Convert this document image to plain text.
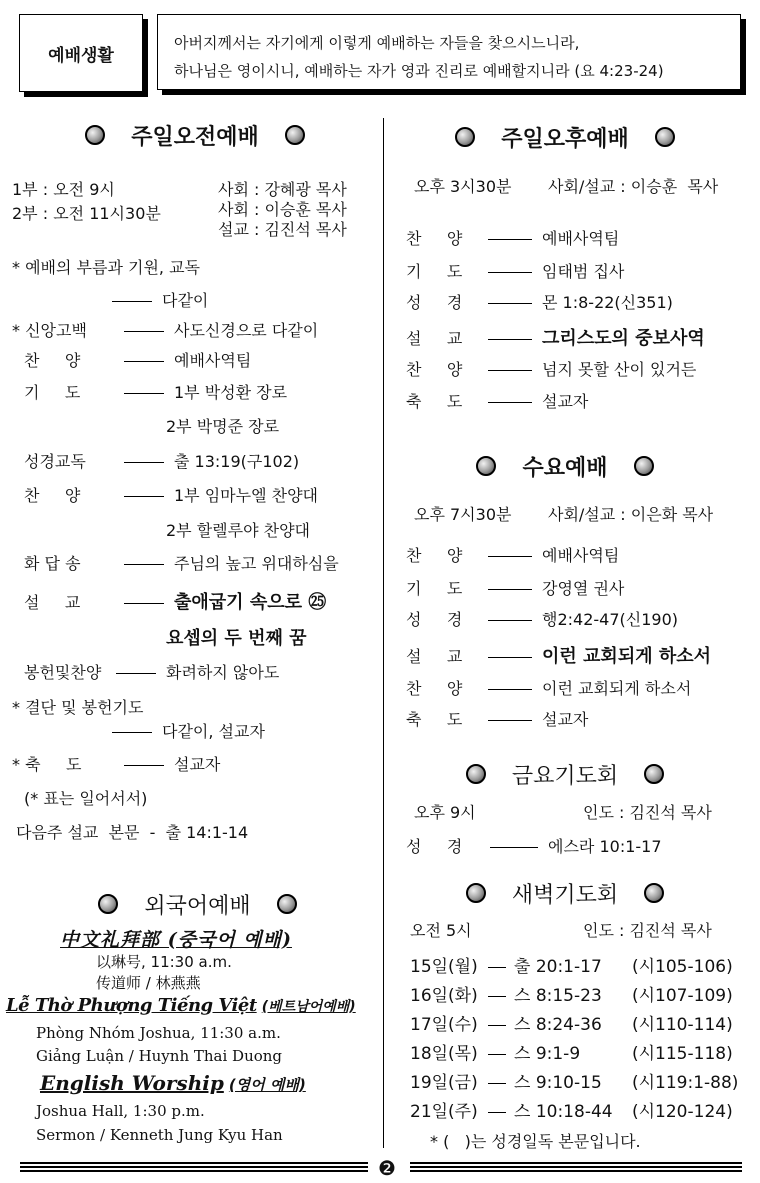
예배생활
아버지께서는 자기에게 이렇게 예배하는 자들을 찾으시느니라,
하나님은 영이시니, 예배하는 자가 영과 진리로 예배할지니라 (요 4:23-24)
주일오전예배
1부 : 오전 9시
2부 : 오전 11시30분
사회 : 강혜광 목사
사회 : 이승훈 목사
설교 : 김진석 목사
* 예배의 부름과 기원, 교독
다같이
* 신앙고백	사도신경으로 다같이
찬     양	예배사역팀
기     도	1부 박성환 장로
2부 박명준 장로
성경교독	출 13:19(구102)
찬     양	1부 임마누엘 찬양대
2부 할렐루야 찬양대
화 답 송	주님의 높고 위대하심을
설     교	출애굽기 속으로 ㉕
요셉의 두 번째 꿈
봉헌및찬양	화려하지 않아도
* 결단 및 봉헌기도
다같이, 설교자
* 축     도	설교자
(* 표는 일어서서)
다음주 설교  본문  -  출 14:1-14
외국어예배
中文礼拜部 (중국어 예배)
以琳号, 11:30 a.m.
传道师 / 林燕燕
Lễ Thờ Phượng Tiếng Việt (베트남어예배)
Phòng Nhóm Joshua, 11:30 a.m.
Giảng Luận / Huynh Thai Duong
English Worship (영어 예배)
Joshua Hall, 1:30 p.m.
Sermon / Kenneth Jung Kyu Han
주일오후예배
오후 3시30분 사회/설교 : 이승훈  목사
찬     양	예배사역팀
기     도	임태범 집사
성     경	몬 1:8-22(신351)
설     교	그리스도의 중보사역
찬     양	넘지 못할 산이 있거든
축     도	설교자
수요예배
오후 7시30분 사회/설교 : 이은화 목사
찬     양	예배사역팀
기     도	강영열 권사
성     경	행2:42-47(신190)
설     교	이런 교회되게 하소서
찬     양	이런 교회되게 하소서
축     도	설교자
금요기도회
오후 9시	인도 : 김진석 목사
성     경	에스라 10:1-17
새벽기도회
오전 5시	인도 : 김진석 목사
15일(월) 출 20:1-17 (시105-106)
16일(화) 스 8:15-23 (시107-109)
17일(수) 스 8:24-36 (시110-114)
18일(목) 스 9:1-9	(시115-118)
19일(금) 스 9:10-15 (시119:1-88)
21일(주) 스 10:18-44 (시120-124)
* (   )는 성경일독 본문입니다.
❷
